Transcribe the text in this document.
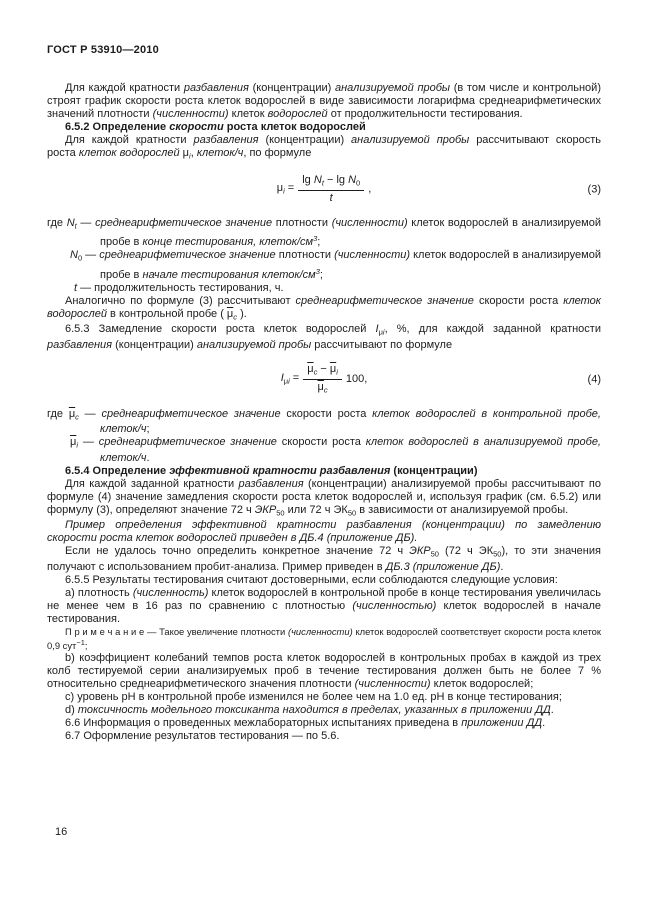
ГОСТ Р 53910—2010

Для каждой кратности разбавления (концентрации) анализируемой пробы (в том числе и контрольной) строят график скорости роста клеток водорослей в виде зависимости логарифма среднеарифметических значений плотности (численности) клеток водорослей от продолжительности тестирования.

6.5.2 Определение скорости роста клеток водорослей

Для каждой кратности разбавления (концентрации) анализируемой пробы рассчитывают скорость роста клеток водорослей $\mu_i$, клеток/ч, по формуле

$\mu_i = \frac{\lg N_t - \lg N_0}{t}$ ,	(3)

где $N_t$ — среднеарифметическое значение плотности (численности) клеток водорослей в анализируемой пробе в конце тестирования, клеток/$см^3$;

$N_0$ — среднеарифметическое значение плотности (численности) клеток водорослей в анализируемой пробе в начале тестирования клеток/$см^3$;

t — продолжительность тестирования, ч.

Аналогично по формуле (3) рассчитывают среднеарифметическое значение скорости роста клеток водорослей в контрольной пробе ( $\overline{\mu}_c$ ).

6.5.3 Замедление скорости роста клеток водорослей $I_{\mu i}$, %, для каждой заданной кратности разбавления (концентрации) анализируемой пробы рассчитывают по формуле

$I_{\mu i} = \frac{\overline{\mu}_c - \overline{\mu}_i}{\overline{\mu}_c} 100$,	(4)

где $\overline{\mu}_c$ — среднеарифметическое значение скорости роста клеток водорослей в контрольной пробе, клеток/ч;

$\overline{\mu}_i$ — среднеарифметическое значение скорости роста клеток водорослей в анализируемой пробе, клеток/ч.

6.5.4 Определение эффективной кратности разбавления (концентрации)

Для каждой заданной кратности разбавления (концентрации) анализируемой пробы рассчитывают по формуле (4) значение замедления скорости роста клеток водорослей и, используя график (см. 6.5.2) или формулу (3), определяют значение 72 ч $ЭКР_{50}$ или 72 ч $ЭК_{50}$ в зависимости от анализируемой пробы.

Пример определения эффективной кратности разбавления (концентрации) по замедлению скорости роста клеток водорослей приведен в ДБ.4 (приложение ДБ).

Если не удалось точно определить конкретное значение 72 ч $ЭКР_{50}$ (72 ч $ЭК_{50}$), то эти значения получают с использованием пробит-анализа. Пример приведен в ДБ.3 (приложение ДБ).

6.5.5 Результаты тестирования считают достоверными, если соблюдаются следующие условия:

а) плотность (численность) клеток водорослей в контрольной пробе в конце тестирования увеличилась не менее чем в 16 раз по сравнению с плотностью (численностью) клеток водорослей в начале тестирования.

П р и м е ч а н и е — Такое увеличение плотности (численности) клеток водорослей соответствует скорости роста клеток 0,9 сут$^{-1}$;

b) коэффициент колебаний темпов роста клеток водорослей в контрольных пробах в каждой из трех колб тестируемой серии анализируемых проб в течение тестирования должен быть не более 7 % относительно среднеарифметического значения плотности (численности) клеток водорослей;

c) уровень pH в контрольной пробе изменился не более чем на 1.0 ед. pH в конце тестирования;

d) токсичность модельного токсиканта находится в пределах, указанных в приложении ДД.

6.6 Информация о проведенных межлабораторных испытаниях приведена в приложении ДД.

6.7 Оформление результатов тестирования — по 5.6.

16
